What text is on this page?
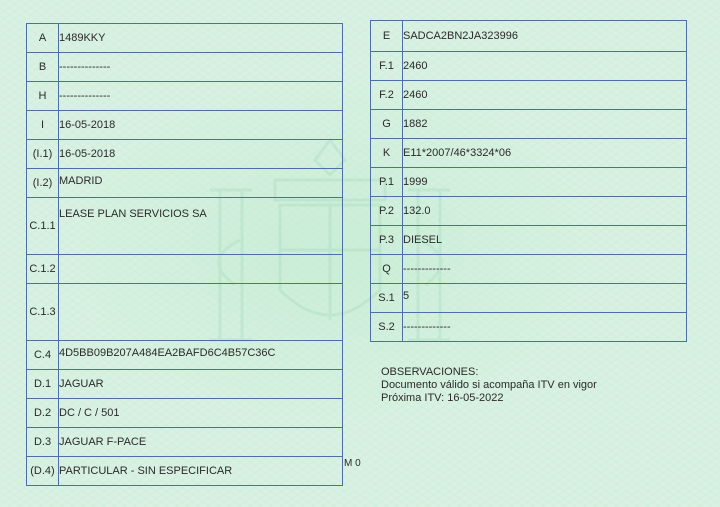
A	1489KKY
B	--------------
H	--------------
I	16-05-2018
(I.1)	16-05-2018
(I.2)	MADRID
C.1.1	LEASE PLAN SERVICIOS SA
C.1.2	
C.1.3	
C.4	4D5BB09B207A484EA2BAFD6C4B57C36C
D.1	JAGUAR
D.2	DC / C / 501
D.3	JAGUAR F-PACE
(D.4)	PARTICULAR - SIN ESPECIFICAR
E	SADCA2BN2JA323996
F.1	2460
F.2	2460
G	1882
K	E11*2007/46*3324*06
P.1	1999
P.2	132.0
P.3	DIESEL
Q	-------------
S.1	5
S.2	-------------
OBSERVACIONES:
Documento válido si acompaña ITV en vigor
Próxima ITV: 16-05-2022
M 0
